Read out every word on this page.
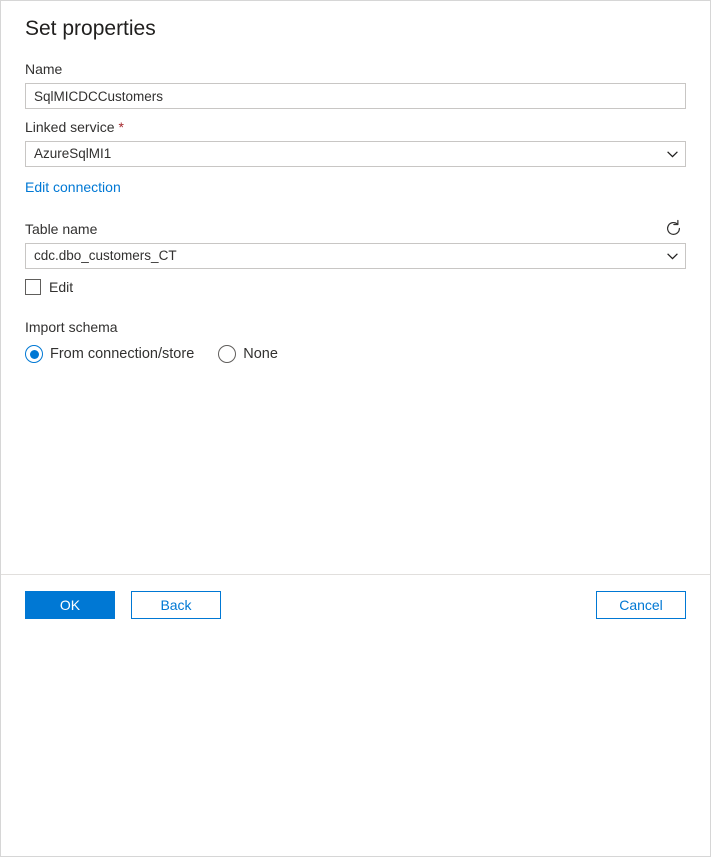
Set properties
Name
SqlMICDCCustomers
Linked service *
AzureSqlMI1
Edit connection
Table name
cdc.dbo_customers_CT
Edit
Import schema
From connection/store	None
OK	Back	Cancel
